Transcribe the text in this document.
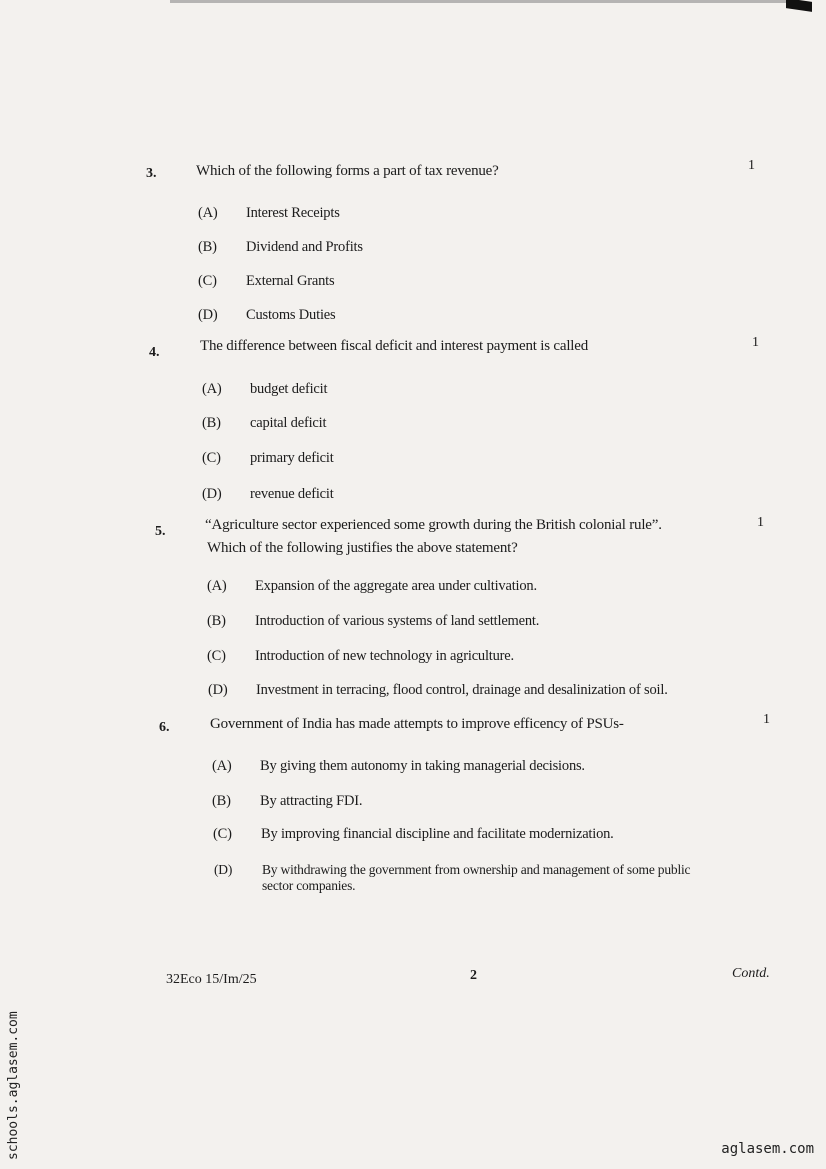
3.	Which of the following forms a part of tax revenue?	1
(A) Interest Receipts
(B) Dividend and Profits
(C) External Grants
(D) Customs Duties
4.	The difference between fiscal deficit and interest payment is called	1
(A) budget deficit
(B) capital deficit
(C) primary deficit
(D) revenue deficit
5.	“Agriculture sector experienced some growth during the British colonial rule”.
Which of the following justifies the above statement?
1
(A) Expansion of the aggregate area under cultivation.
(B) Introduction of various systems of land settlement.
(C) Introduction of new technology in agriculture.
(D) Investment in terracing, flood control, drainage and desalinization of soil.
6.	Government of India has made attempts to improve efficency of PSUs-	1
(A) By giving them autonomy in taking managerial decisions.
(B) By attracting FDI.
(C) By improving financial discipline and facilitate modernization.
(D) By withdrawing the government from ownership and management of some public
sector companies.
32Eco 15/Im/25	2	Contd.
schools.aglasem.com	aglasem.com
